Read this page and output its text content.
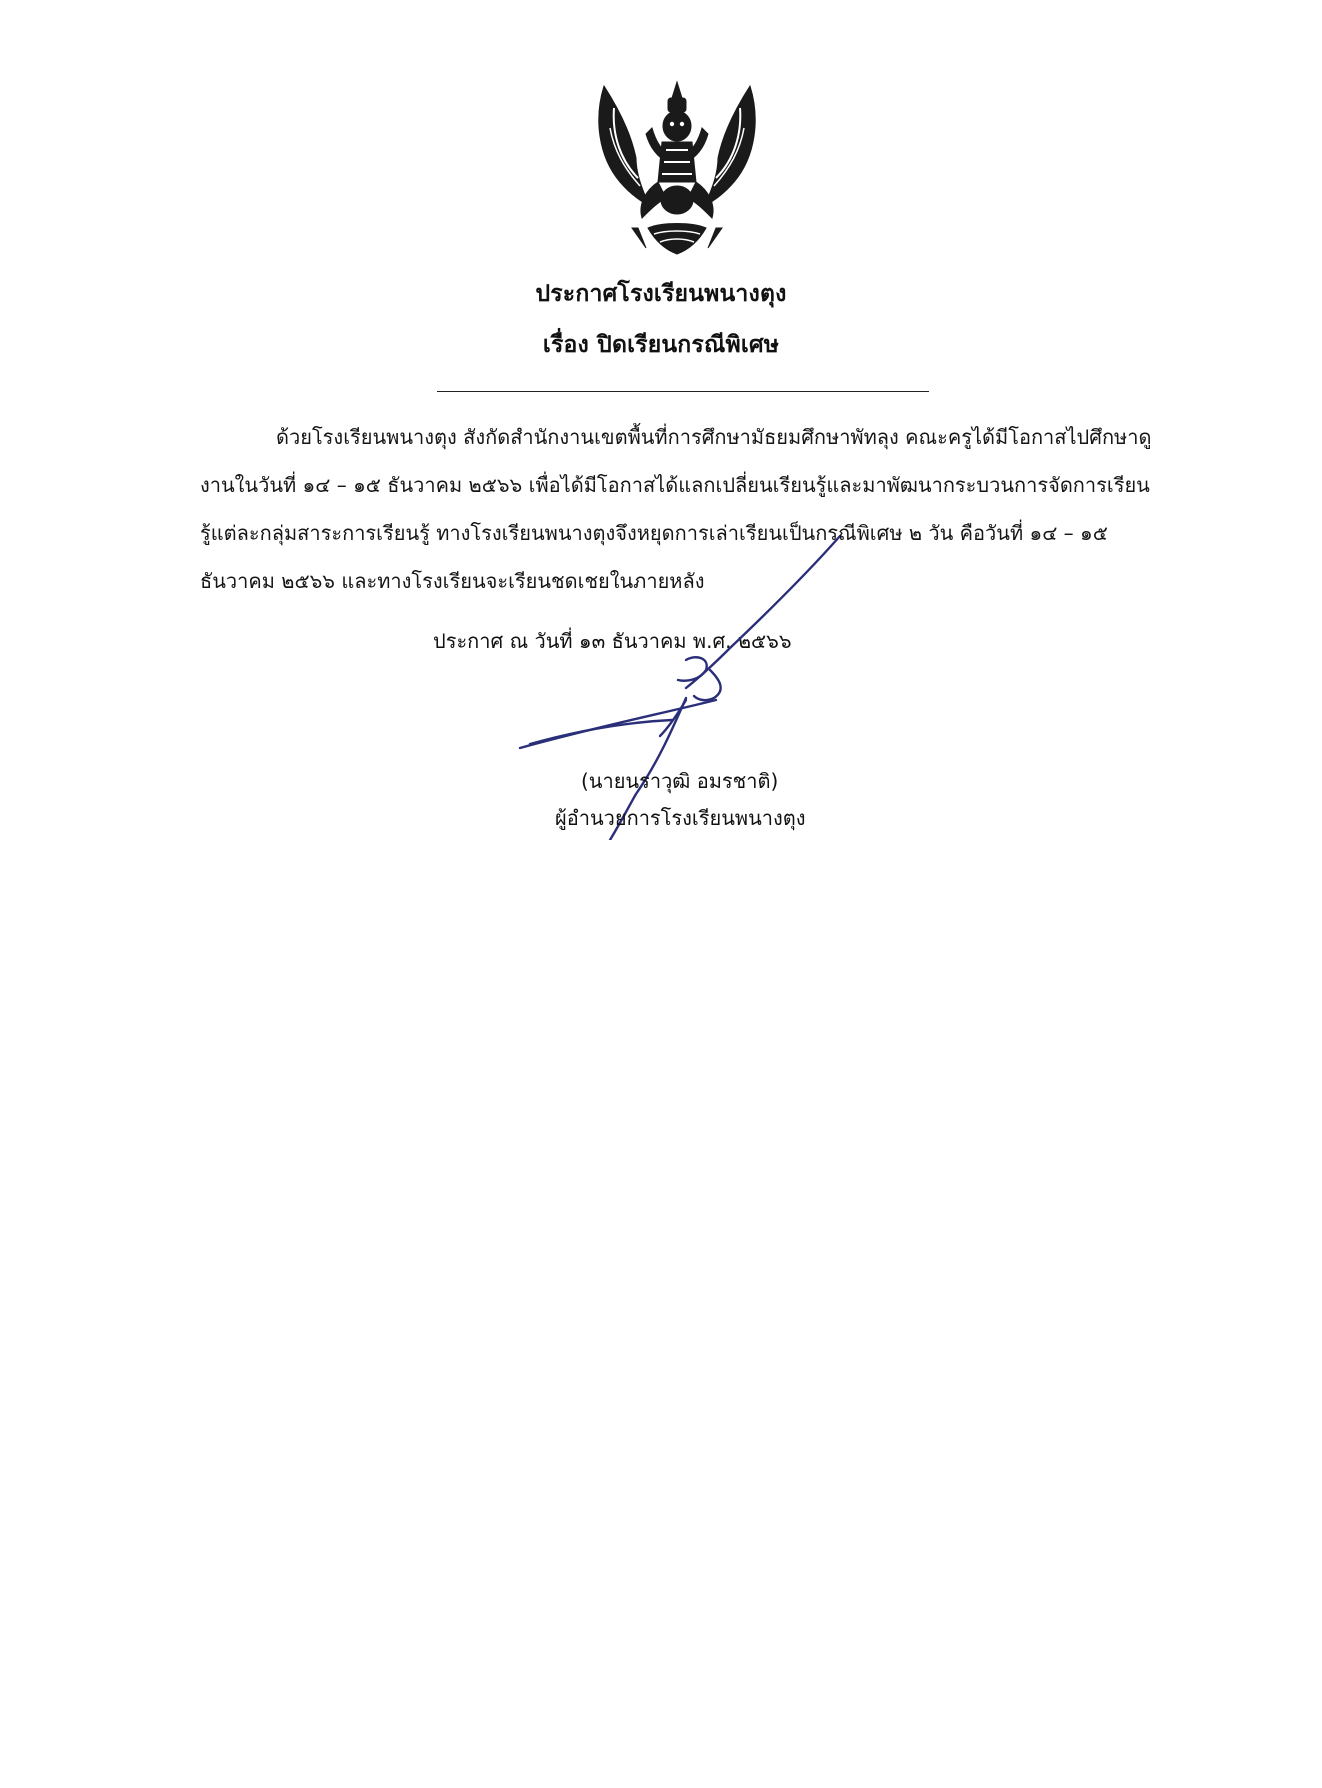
ประกาศโรงเรียนพนางตุง
เรื่อง ปิดเรียนกรณีพิเศษ
ด้วยโรงเรียนพนางตุง สังกัดสำนักงานเขตพื้นที่การศึกษามัธยมศึกษาพัทลุง คณะครูได้มีโอกาสไปศึกษาดูงานในวันที่ ๑๔ – ๑๕ ธันวาคม ๒๕๖๖ เพื่อได้มีโอกาสได้แลกเปลี่ยนเรียนรู้และมาพัฒนากระบวนการจัดการเรียนรู้แต่ละกลุ่มสาระการเรียนรู้ ทางโรงเรียนพนางตุงจึงหยุดการเล่าเรียนเป็นกรณีพิเศษ ๒ วัน คือวันที่ ๑๔ – ๑๕ ธันวาคม ๒๕๖๖ และทางโรงเรียนจะเรียนชดเชยในภายหลัง
ประกาศ ณ วันที่ ๑๓ ธันวาคม พ.ศ. ๒๕๖๖
(นายนราวุฒิ อมรชาติ)
ผู้อำนวยการโรงเรียนพนางตุง
